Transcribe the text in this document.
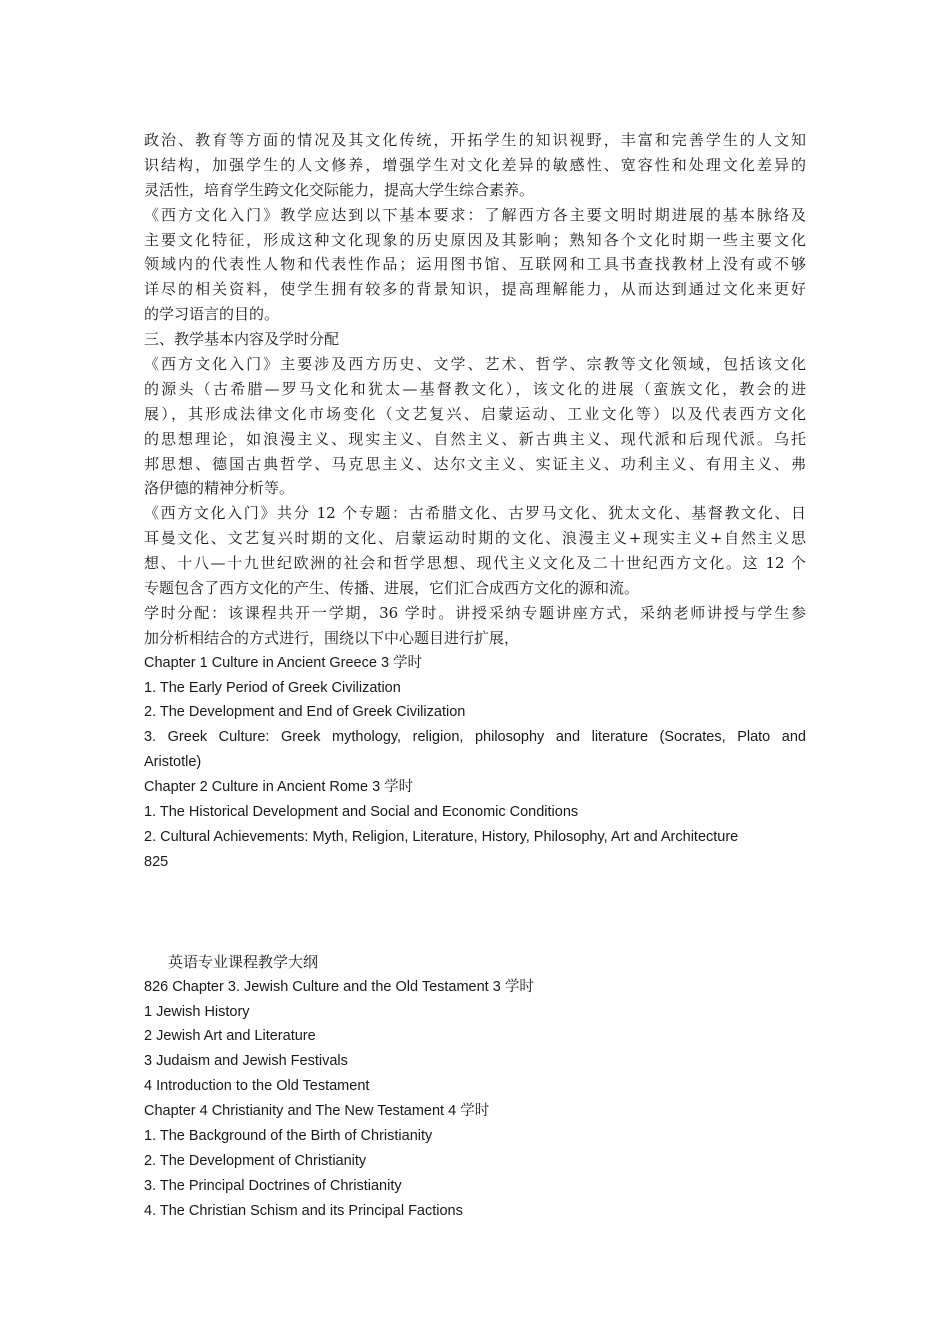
政治、教育等方面的情况及其文化传统，开拓学生的知识视野，丰富和完善学生的人文知

识结构，加强学生的人文修养，增强学生对文化差异的敏感性、宽容性和处理文化差异的

灵活性，培育学生跨文化交际能力，提高大学生综合素养。

《西方文化入门》教学应达到以下基本要求：了解西方各主要文明时期进展的基本脉络及

主要文化特征，形成这种文化现象的历史原因及其影响；熟知各个文化时期一些主要文化

领域内的代表性人物和代表性作品；运用图书馆、互联网和工具书查找教材上没有或不够

详尽的相关资料，使学生拥有较多的背景知识，提高理解能力，从而达到通过文化来更好

的学习语言的目的。

三、教学基本内容及学时分配

《西方文化入门》主要涉及西方历史、文学、艺术、哲学、宗教等文化领域，包括该文化

的源头（古希腊—罗马文化和犹太—基督教文化），该文化的进展（蛮族文化，教会的进

展），其形成法律文化市场变化（文艺复兴、启蒙运动、工业文化等）以及代表西方文化

的思想理论，如浪漫主义、现实主义、自然主义、新古典主义、现代派和后现代派。乌托

邦思想、德国古典哲学、马克思主义、达尔文主义、实证主义、功利主义、有用主义、弗

洛伊德的精神分析等。

《西方文化入门》共分 12 个专题：古希腊文化、古罗马文化、犹太文化、基督教文化、日

耳曼文化、文艺复兴时期的文化、启蒙运动时期的文化、浪漫主义+现实主义+自然主义思

想、十八—十九世纪欧洲的社会和哲学思想、现代主义文化及二十世纪西方文化。这 12 个

专题包含了西方文化的产生、传播、进展，它们汇合成西方文化的源和流。

学时分配：该课程共开一学期，36 学时。讲授采纳专题讲座方式，采纳老师讲授与学生参

加分析相结合的方式进行，围绕以下中心题目进行扩展，

Chapter 1 Culture in Ancient Greece 3 学时

1. The Early Period of Greek Civilization

2. The Development and End of Greek Civilization

3. Greek Culture: Greek mythology, religion, philosophy and literature (Socrates, Plato and

Aristotle)

Chapter 2 Culture in Ancient Rome 3 学时

1. The Historical Development and Social and Economic Conditions

2. Cultural Achievements: Myth, Religion, Literature, History, Philosophy, Art and Architecture

825

英语专业课程教学大纲

826 Chapter 3. Jewish Culture and the Old Testament 3 学时

1 Jewish History

2 Jewish Art and Literature

3 Judaism and Jewish Festivals

4 Introduction to the Old Testament

Chapter 4 Christianity and The New Testament 4 学时

1. The Background of the Birth of Christianity

2. The Development of Christianity

3. The Principal Doctrines of Christianity

4. The Christian Schism and its Principal Factions
